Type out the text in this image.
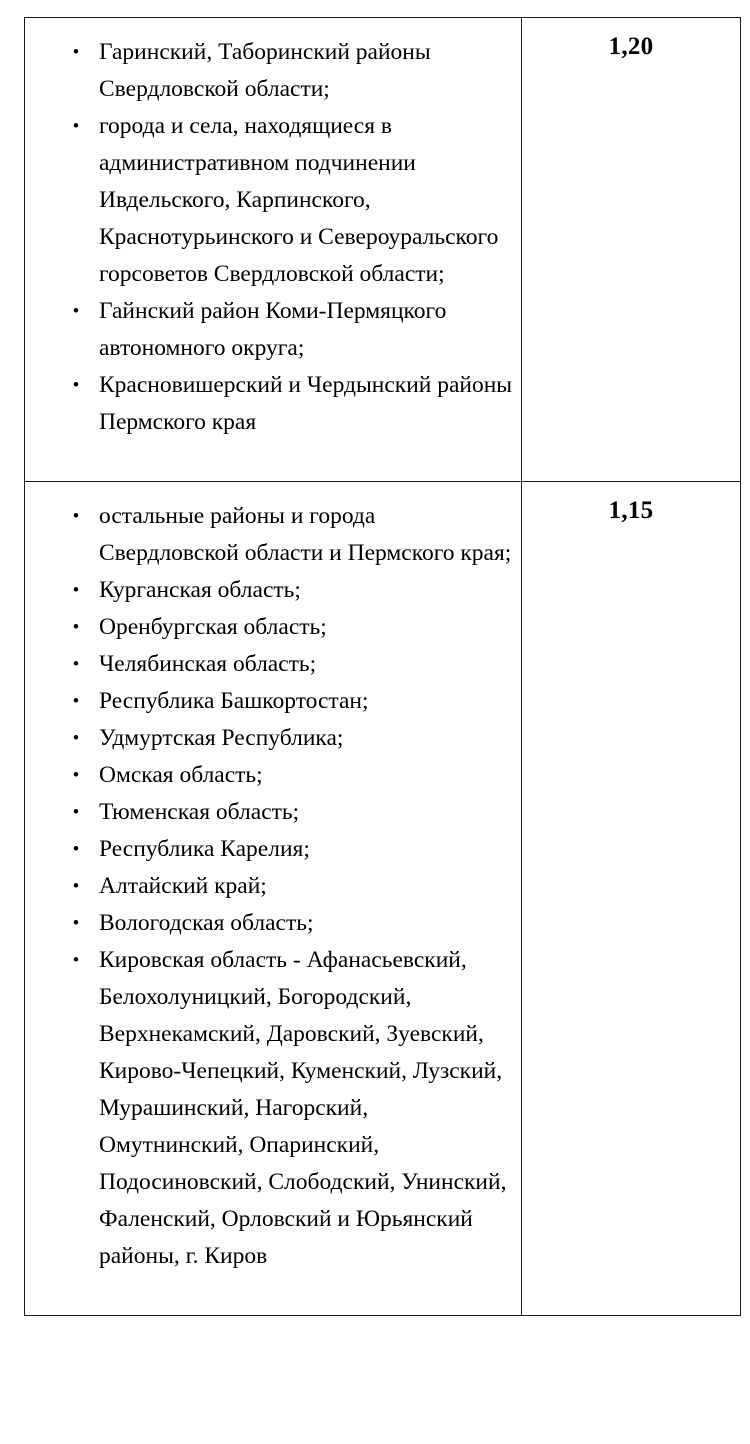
• Гаринский, Таборинский районы Свердловской области;
• города и села, находящиеся в административном подчинении Ивдельского, Карпинского, Краснотурьинского и Североуральского горсоветов Свердловской области;
• Гайнский район Коми-Пермяцкого автономного округа;
• Красновишерский и Чердынский районы Пермского края
	1,20

• остальные районы и города Свердловской области и Пермского края;
• Курганская область;
• Оренбургская область;
• Челябинская область;
• Республика Башкортостан;
• Удмуртская Республика;
• Омская область;
• Тюменская область;
• Республика Карелия;
• Алтайский край;
• Вологодская область;
• Кировская область - Афанасьевский, Белохолуницкий, Богородский, Верхнекамский, Даровский, Зуевский, Кирово-Чепецкий, Куменский, Лузский, Мурашинский, Нагорский, Омутнинский, Опаринский, Подосиновский, Слободский, Унинский, Фаленский, Орловский и Юрьянский районы, г. Киров
	1,15
